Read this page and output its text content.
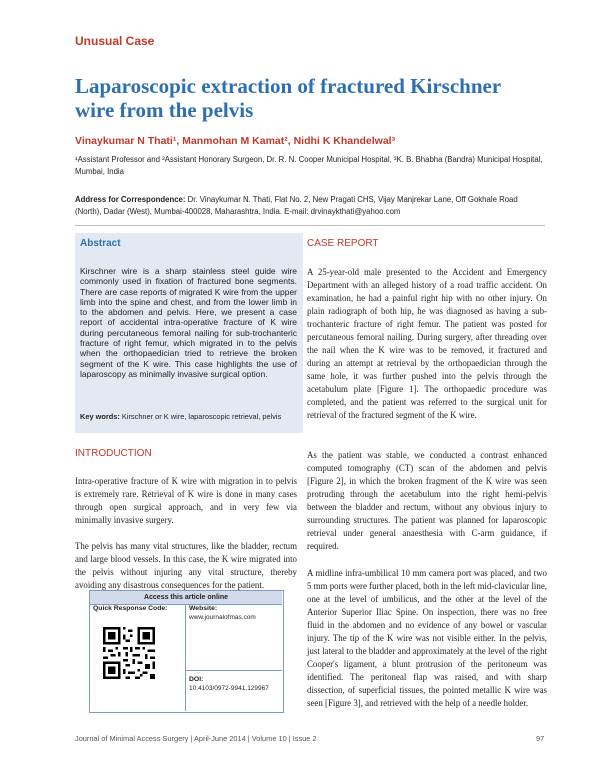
Unusual Case
Laparoscopic extraction of fractured Kirschner wire from the pelvis
Vinaykumar N Thati¹, Manmohan M Kamat², Nidhi K Khandelwal³
¹Assistant Professor and ²Assistant Honorary Surgeon, Dr. R. N. Cooper Municipal Hospital, ³K. B. Bhabha (Bandra) Municipal Hospital, Mumbai, India
Address for Correspondence: Dr. Vinaykumar N. Thati, Flat No. 2, New Pragati CHS, Vijay Manjrekar Lane, Off Gokhale Road (North), Dadar (West), Mumbai-400028, Maharashtra, India. E-mail: drvinaykthati@yahoo.com
Abstract
Kirschner wire is a sharp stainless steel guide wire commonly used in fixation of fractured bone segments. There are case reports of migrated K wire from the upper limb into the spine and chest, and from the lower limb in to the abdomen and pelvis. Here, we present a case report of accidental intra-operative fracture of K wire during percutaneous femoral nailing for sub-trochanteric fracture of right femur, which migrated in to the pelvis when the orthopaedician tried to retrieve the broken segment of the K wire. This case highlights the use of laparoscopy as minimally invasive surgical option.
Key words: Kirschner or K wire, laparoscopic retrieval, pelvis
INTRODUCTION
Intra-operative fracture of K wire with migration in to pelvis is extremely rare. Retrieval of K wire is done in many cases through open surgical approach, and in very few via minimally invasive surgery.
The pelvis has many vital structures, like the bladder, rectum and large blood vessels. In this case, the K wire migrated into the pelvis without injuring any vital structure, thereby avoiding any disastrous consequences for the patient.
Access this article online
Quick Response Code:	Website:
www.journalofmas.com
DOI:
10.4103/0972-9941.129967
CASE REPORT
A 25-year-old male presented to the Accident and Emergency Department with an alleged history of a road traffic accident. On examination, he had a painful right hip with no other injury. On plain radiograph of both hip, he was diagnosed as having a sub-trochanteric fracture of right femur. The patient was posted for percutaneous femoral nailing. During surgery, after threading over the nail when the K wire was to be removed, it fractured and during an attempt at retrieval by the orthopaedician through the same hole, it was further pushed into the pelvis through the acetabulum plate [Figure 1]. The orthopaedic procedure was completed, and the patient was referred to the surgical unit for retrieval of the fractured segment of the K wire.
As the patient was stable, we conducted a contrast enhanced computed tomography (CT) scan of the abdomen and pelvis [Figure 2], in which the broken fragment of the K wire was seen protruding through the acetabulum into the right hemi-pelvis between the bladder and rectum, without any obvious injury to surrounding structures. The patient was planned for laparoscopic retrieval under general anaesthesia with C-arm guidance, if required.
A midline infra-umbilical 10 mm camera port was placed, and two 5 mm ports were further placed, both in the left mid-clavicular line, one at the level of umbilicus, and the other at the level of the Anterior Superior Iliac Spine. On inspection, there was no free fluid in the abdomen and no evidence of any bowel or vascular injury. The tip of the K wire was not visible either. In the pelvis, just lateral to the bladder and approximately at the level of the right Cooper's ligament, a blunt protrusion of the peritoneum was identified. The peritoneal flap was raised, and with sharp dissection, of superficial tissues, the pointed metallic K wire was seen [Figure 3], and retrieved with the help of a needle holder.
Journal of Minimal Access Surgery | April-June 2014 | Volume 10 | Issue 2	97
